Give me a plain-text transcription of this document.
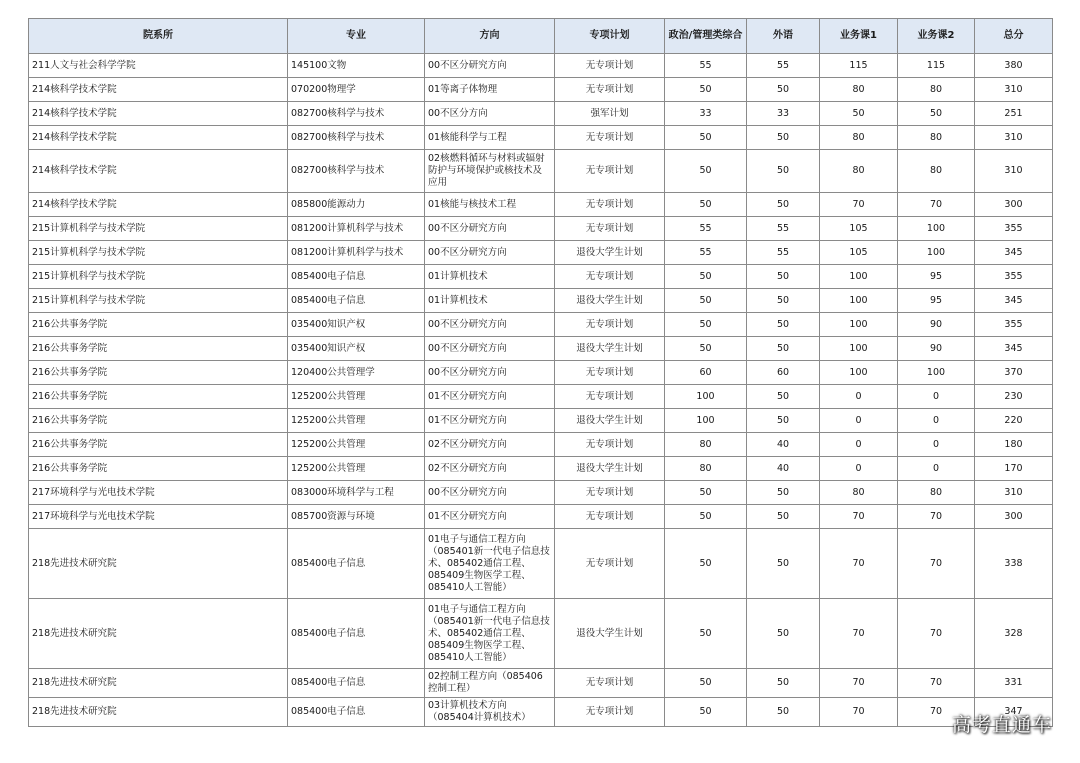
院系所	专业	方向	专项计划	政治/管理类综合	外语	业务课1	业务课2	总分
211人文与社会科学学院	145100文物	00不区分研究方向	无专项计划	55	55	115	115	380
214核科学技术学院	070200物理学	01等离子体物理	无专项计划	50	50	80	80	310
214核科学技术学院	082700核科学与技术	00不区分方向	强军计划	33	33	50	50	251
214核科学技术学院	082700核科学与技术	01核能科学与工程	无专项计划	50	50	80	80	310
214核科学技术学院	082700核科学与技术	02核燃料循环与材料或辐射防护与环境保护或核技术及应用	无专项计划	50	50	80	80	310
214核科学技术学院	085800能源动力	01核能与核技术工程	无专项计划	50	50	70	70	300
215计算机科学与技术学院	081200计算机科学与技术	00不区分研究方向	无专项计划	55	55	105	100	355
215计算机科学与技术学院	081200计算机科学与技术	00不区分研究方向	退役大学生计划	55	55	105	100	345
215计算机科学与技术学院	085400电子信息	01计算机技术	无专项计划	50	50	100	95	355
215计算机科学与技术学院	085400电子信息	01计算机技术	退役大学生计划	50	50	100	95	345
216公共事务学院	035400知识产权	00不区分研究方向	无专项计划	50	50	100	90	355
216公共事务学院	035400知识产权	00不区分研究方向	退役大学生计划	50	50	100	90	345
216公共事务学院	120400公共管理学	00不区分研究方向	无专项计划	60	60	100	100	370
216公共事务学院	125200公共管理	01不区分研究方向	无专项计划	100	50	0	0	230
216公共事务学院	125200公共管理	01不区分研究方向	退役大学生计划	100	50	0	0	220
216公共事务学院	125200公共管理	02不区分研究方向	无专项计划	80	40	0	0	180
216公共事务学院	125200公共管理	02不区分研究方向	退役大学生计划	80	40	0	0	170
217环境科学与光电技术学院	083000环境科学与工程	00不区分研究方向	无专项计划	50	50	80	80	310
217环境科学与光电技术学院	085700资源与环境	01不区分研究方向	无专项计划	50	50	70	70	300
218先进技术研究院	085400电子信息	01电子与通信工程方向（085401新一代电子信息技术、085402通信工程、085409生物医学工程、085410人工智能）	无专项计划	50	50	70	70	338
218先进技术研究院	085400电子信息	01电子与通信工程方向（085401新一代电子信息技术、085402通信工程、085409生物医学工程、085410人工智能）	退役大学生计划	50	50	70	70	328
218先进技术研究院	085400电子信息	02控制工程方向（085406控制工程）	无专项计划	50	50	70	70	331
218先进技术研究院	085400电子信息	03计算机技术方向（085404计算机技术）	无专项计划	50	50	70	70	347
高考直通车
